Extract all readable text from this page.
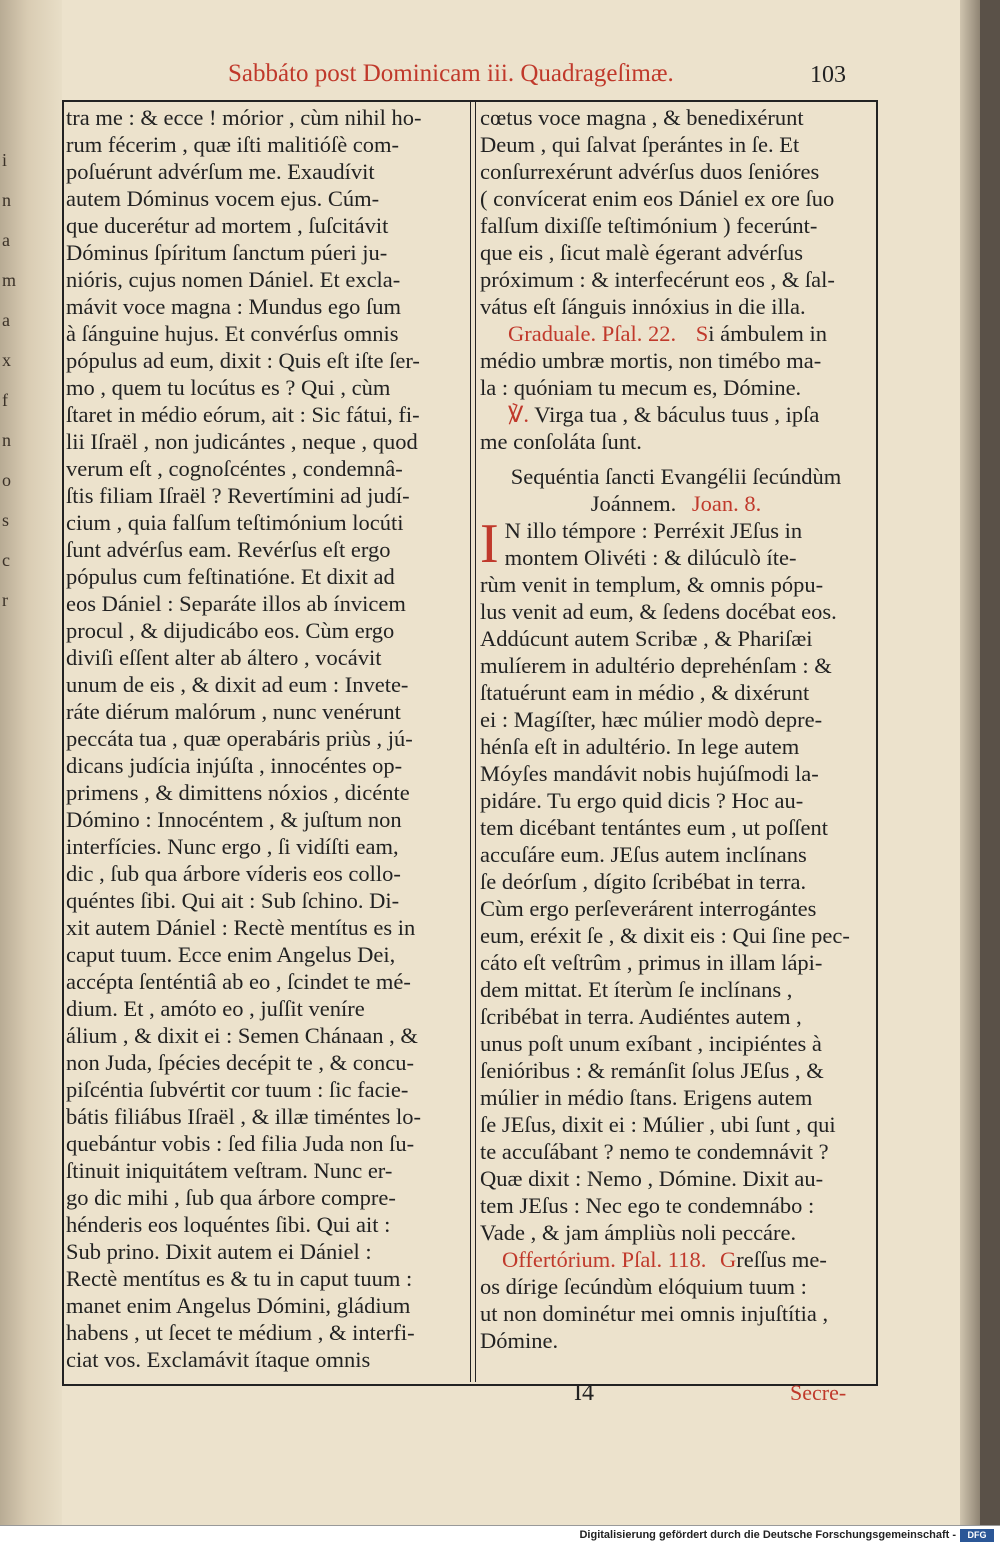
i
n
a
m
a
x
f
n
o
s
c
r
Sabbáto post Dominicam iii. Quadrageſimæ.	103
tra me : & ecce ! mórior , cùm nihil ho-
rum fécerim , quæ iſti malitióſè com-
poſuérunt advérſum me. Exaudívit
autem Dóminus vocem ejus. Cúm-
que ducerétur ad mortem , ſuſcitávit
Dóminus ſpíritum ſanctum púeri ju-
nióris, cujus nomen Dániel. Et excla-
mávit voce magna : Mundus ego ſum
à ſánguine hujus. Et convérſus omnis
pópulus ad eum, dixit : Quis eſt iſte ſer-
mo , quem tu locútus es ? Qui , cùm
ſtaret in médio eórum, ait : Sic fátui, fi-
lii Iſraël , non judicántes , neque , quod
verum eſt , cognoſcéntes , condemnâ-
ſtis filiam Iſraël ? Revertímini ad judí-
cium , quia falſum teſtimónium locúti
ſunt advérſus eam. Revérſus eſt ergo
pópulus cum feſtinatióne. Et dixit ad
eos Dániel : Separáte illos ab ínvicem
procul , & dijudicábo eos. Cùm ergo
diviſi eſſent alter ab áltero , vocávit
unum de eis , & dixit ad eum : Invete-
ráte diérum malórum , nunc venérunt
peccáta tua , quæ operabáris priùs , jú-
dicans judícia injúſta , innocéntes op-
primens , & dimittens nóxios , dicénte
Dómino : Innocéntem , & juſtum non
interfícies. Nunc ergo , ſi vidíſti eam,
dic , ſub qua árbore víderis eos collo-
quéntes ſibi. Qui ait : Sub ſchino. Di-
xit autem Dániel : Rectè mentítus es in
caput tuum. Ecce enim Angelus Dei,
accépta ſenténtiâ ab eo , ſcindet te mé-
dium. Et , amóto eo , juſſit veníre
álium , & dixit ei : Semen Chánaan , &
non Juda, ſpécies decépit te , & concu-
piſcéntia ſubvértit cor tuum : ſic facie-
bátis filiábus Iſraël , & illæ timéntes lo-
quebántur vobis : ſed filia Juda non ſu-
ſtinuit iniquitátem veſtram. Nunc er-
go dic mihi , ſub qua árbore compre-
hénderis eos loquéntes ſibi. Qui ait :
Sub prino. Dixit autem ei Dániel :
Rectè mentítus es & tu in caput tuum :
manet enim Angelus Dómini, gládium
habens , ut ſecet te médium , & interfi-
ciat vos. Exclamávit ítaque omnis
cœtus voce magna , & benedixérunt
Deum , qui ſalvat ſperántes in ſe. Et
conſurrexérunt advérſus duos ſenióres
( convícerat enim eos Dániel ex ore ſuo
falſum dixiſſe teſtimónium ) fecerúnt-
que eis , ſicut malè égerant advérſus
próximum : & interfecérunt eos , & ſal-
vátus eſt ſánguis innóxius in die illa.
Graduale. Pſal. 22. Si ámbulem in
médio umbræ mortis, non timébo ma-
la : quóniam tu mecum es, Dómine.
℣. Virga tua , & báculus tuus , ipſa
me conſoláta ſunt.
Sequéntia ſancti Evangélii ſecúndùm
Joánnem. Joan. 8.
I N illo témpore : Perréxit JEſus in
montem Olivéti : & dilúculò íte-
rùm venit in templum, & omnis pópu-
lus venit ad eum, & ſedens docébat eos.
Addúcunt autem Scribæ , & Phariſæi
mulíerem in adultério deprehénſam : &
ſtatuérunt eam in médio , & dixérunt
ei : Magíſter, hæc múlier modò depre-
hénſa eſt in adultério. In lege autem
Móyſes mandávit nobis hujúſmodi la-
pidáre. Tu ergo quid dicis ? Hoc au-
tem dicébant tentántes eum , ut poſſent
accuſáre eum. JEſus autem inclínans
ſe deórſum , dígito ſcribébat in terra.
Cùm ergo perſeverárent interrogántes
eum, eréxit ſe , & dixit eis : Qui ſine pec-
cáto eſt veſtrûm , primus in illam lápi-
dem mittat. Et íterùm ſe inclínans ,
ſcribébat in terra. Audiéntes autem ,
unus poſt unum exíbant , incipiéntes à
ſenióribus : & remánſit ſolus JEſus , &
múlier in médio ſtans. Erigens autem
ſe JEſus, dixit ei : Múlier , ubi ſunt , qui
te accuſábant ? nemo te condemnávit ?
Quæ dixit : Nemo , Dómine. Dixit au-
tem JEſus : Nec ego te condemnábo :
Vade , & jam ámpliùs noli peccáre.
Offertórium. Pſal. 118. Greſſus me-
os dírige ſecúndùm elóquium tuum :
ut non dominétur mei omnis injuſtítia ,
Dómine.
I4	Secre-
Digitalisierung gefördert durch die Deutsche Forschungsgemeinschaft -	DFG
